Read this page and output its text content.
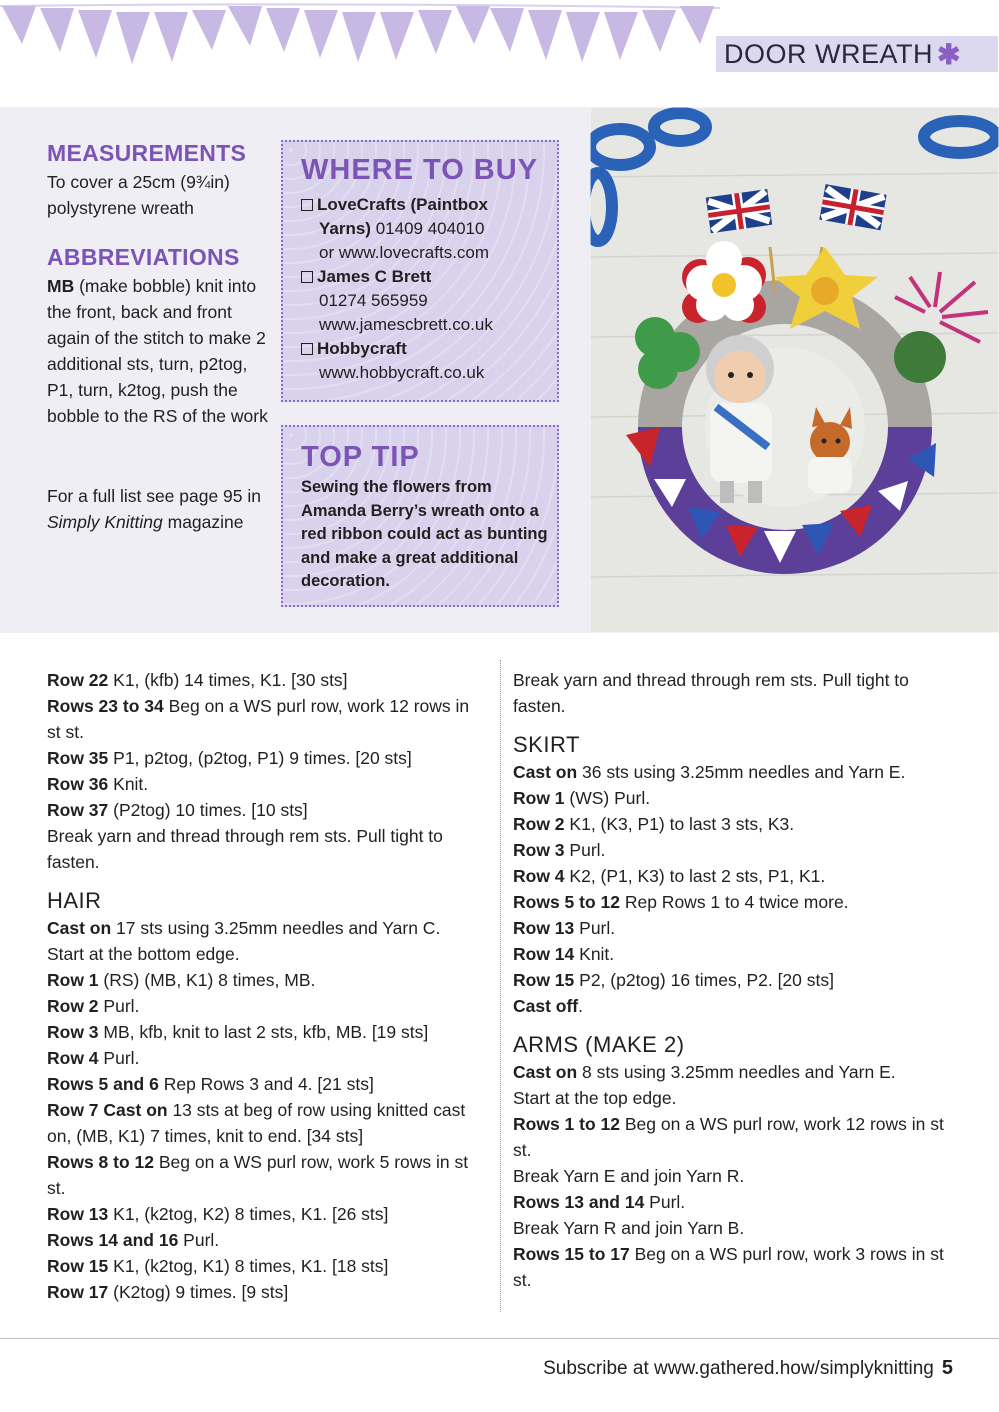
DOOR WREATH ✱
MEASUREMENTS
To cover a 25cm (9¾in) polystyrene wreath
ABBREVIATIONS
MB (make bobble) knit into the front, back and front again of the stitch to make 2 additional sts, turn, p2tog, P1, turn, k2tog, push the bobble to the RS of the work
For a full list see page 95 in Simply Knitting magazine
WHERE TO BUY
LoveCrafts (Paintbox
Yarns) 01409 404010
or www.lovecrafts.com
James C Brett
01274 565959
www.jamescbrett.co.uk
Hobbycraft
www.hobbycraft.co.uk
TOP TIP
Sewing the flowers from Amanda Berry’s wreath onto a red ribbon could act as bunting and make a great additional decoration.
Row 22 K1, (kfb) 14 times, K1. [30 sts]
Rows 23 to 34 Beg on a WS purl row, work 12 rows in st st.
Row 35 P1, p2tog, (p2tog, P1) 9 times. [20 sts]
Row 36 Knit.
Row 37 (P2tog) 10 times. [10 sts]
Break yarn and thread through rem sts. Pull tight to fasten.
HAIR
Cast on 17 sts using 3.25mm needles and Yarn C.
Start at the bottom edge.
Row 1 (RS) (MB, K1) 8 times, MB.
Row 2 Purl.
Row 3 MB, kfb, knit to last 2 sts, kfb, MB. [19 sts]
Row 4 Purl.
Rows 5 and 6 Rep Rows 3 and 4. [21 sts]
Row 7 Cast on 13 sts at beg of row using knitted cast on, (MB, K1) 7 times, knit to end. [34 sts]
Rows 8 to 12 Beg on a WS purl row, work 5 rows in st st.
Row 13 K1, (k2tog, K2) 8 times, K1. [26 sts]
Rows 14 and 16 Purl.
Row 15 K1, (k2tog, K1) 8 times, K1. [18 sts]
Row 17 (K2tog) 9 times. [9 sts]
Break yarn and thread through rem sts. Pull tight to fasten.
SKIRT
Cast on 36 sts using 3.25mm needles and Yarn E.
Row 1 (WS) Purl.
Row 2 K1, (K3, P1) to last 3 sts, K3.
Row 3 Purl.
Row 4 K2, (P1, K3) to last 2 sts, P1, K1.
Rows 5 to 12 Rep Rows 1 to 4 twice more.
Row 13 Purl.
Row 14 Knit.
Row 15 P2, (p2tog) 16 times, P2. [20 sts]
Cast off.
ARMS (MAKE 2)
Cast on 8 sts using 3.25mm needles and Yarn E.
Start at the top edge.
Rows 1 to 12 Beg on a WS purl row, work 12 rows in st st.
Break Yarn E and join Yarn R.
Rows 13 and 14 Purl.
Break Yarn R and join Yarn B.
Rows 15 to 17 Beg on a WS purl row, work 3 rows in st st.
Subscribe at www.gathered.how/simplyknitting 5
